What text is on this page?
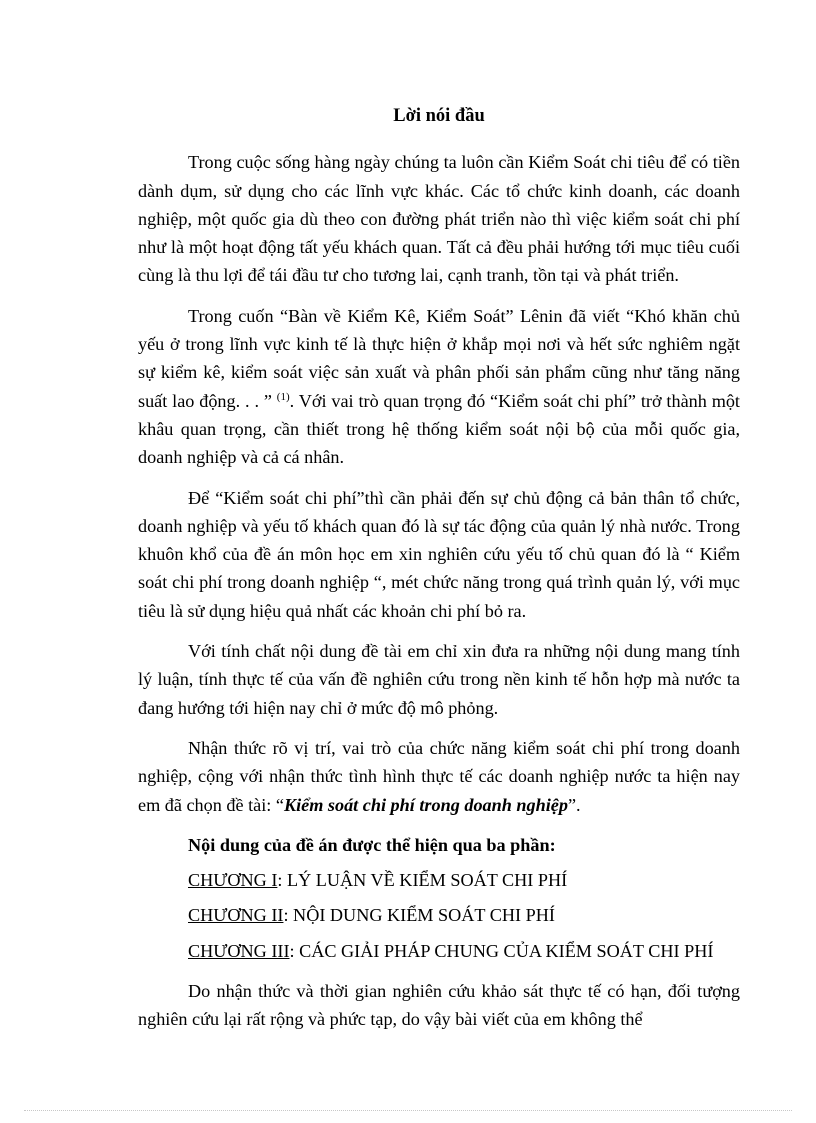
Lời nói đầu

Trong cuộc sống hàng ngày chúng ta luôn cần Kiểm Soát chi tiêu để có tiền dành dụm, sử dụng cho các lĩnh vực khác. Các tổ chức kinh doanh, các doanh nghiệp, một quốc gia dù theo con đường phát triển nào thì việc kiểm soát chi phí như là một hoạt động tất yếu khách quan. Tất cả đều phải hướng tới mục tiêu cuối cùng là thu lợi để tái đầu tư cho tương lai, cạnh tranh, tồn tại và phát triển.

Trong cuốn “Bàn về Kiểm Kê, Kiểm Soát” Lênin đã viết “Khó khăn chủ yếu ở trong lĩnh vực kinh tế là thực hiện ở khắp mọi nơi và hết sức nghiêm ngặt sự kiểm kê, kiểm soát việc sản xuất và phân phối sản phẩm cũng như tăng năng suất lao động. . . ” $^{(1)}$. Với vai trò quan trọng đó “Kiểm soát chi phí” trở thành một khâu quan trọng, cần thiết trong hệ thống kiểm soát nội bộ của mỗi quốc gia, doanh nghiệp và cả cá nhân.

Để “Kiểm soát chi phí”thì cần phải đến sự chủ động cả bản thân tổ chức, doanh nghiệp và yếu tố khách quan đó là sự tác động của quản lý nhà nước. Trong khuôn khổ của đề án môn học em xin nghiên cứu yếu tố chủ quan đó là “ Kiểm soát chi phí trong doanh nghiệp “, mét chức năng trong quá trình quản lý, với mục tiêu là sử dụng hiệu quả nhất các khoản chi phí bỏ ra.

Với tính chất nội dung đề tài em chỉ xin đưa ra những nội dung mang tính lý luận, tính thực tế của vấn đề nghiên cứu trong nền kinh tế hỗn hợp mà nước ta đang hướng tới hiện nay chỉ ở mức độ mô phỏng.

Nhận thức rõ vị trí, vai trò của chức năng kiểm soát chi phí trong doanh nghiệp, cộng với nhận thức tình hình thực tế các doanh nghiệp nước ta hiện nay em đã chọn đề tài: “Kiểm soát chi phí trong doanh nghiệp”.

Nội dung của đề án được thể hiện qua ba phần:
CHƯƠNG I: LÝ LUẬN VỀ KIỂM SOÁT CHI PHÍ
CHƯƠNG II: NỘI DUNG KIỂM SOÁT CHI PHÍ
CHƯƠNG III: CÁC GIẢI PHÁP CHUNG CỦA KIỂM SOÁT CHI PHÍ

Do nhận thức và thời gian nghiên cứu khảo sát thực tế có hạn, đối tượng nghiên cứu lại rất rộng và phức tạp, do vậy bài viết của em không thể
